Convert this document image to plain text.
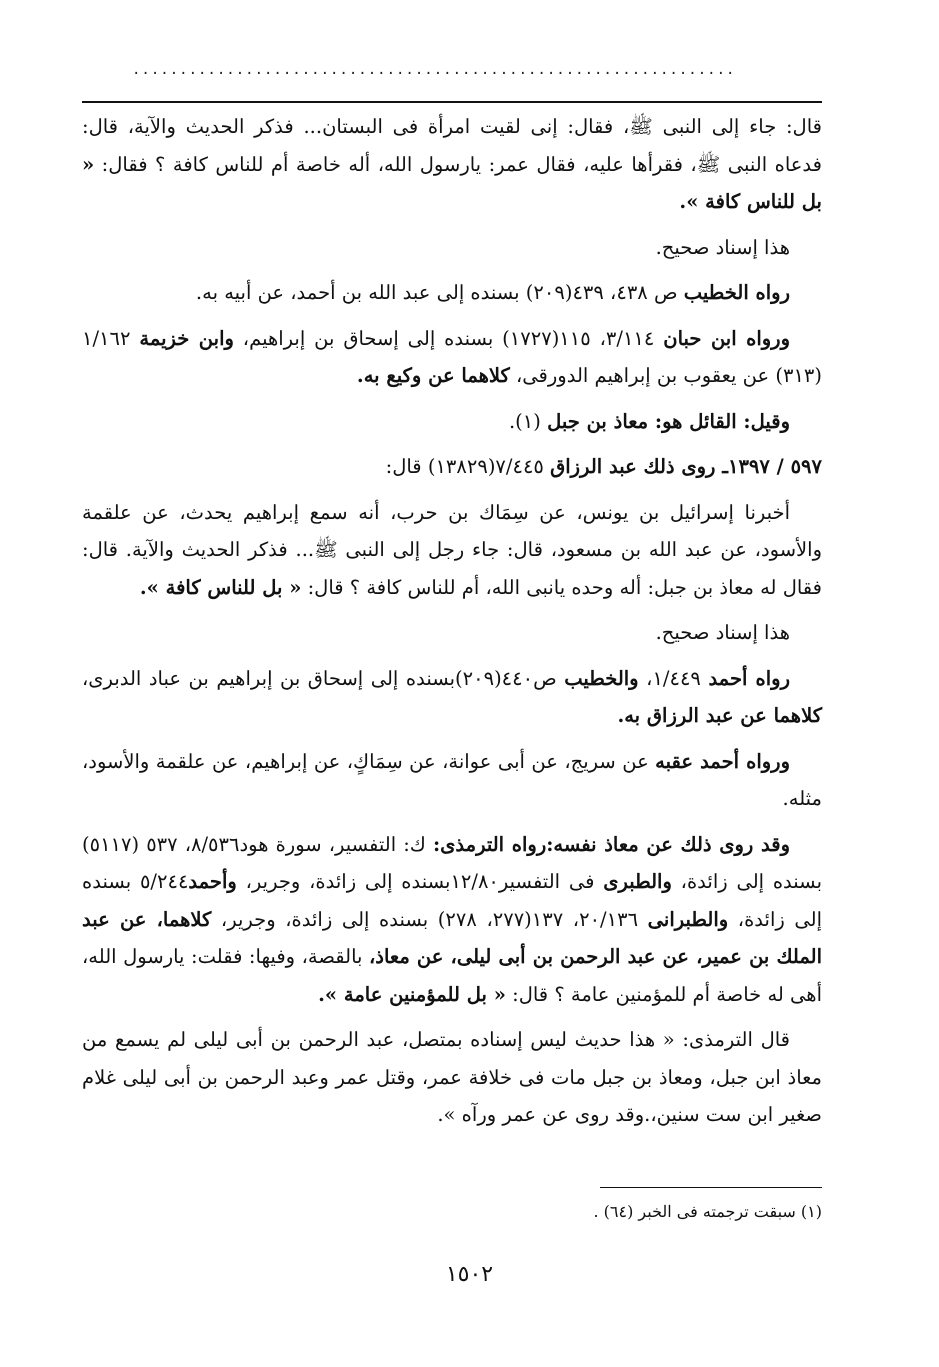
................................................................

قال: جاء إلى النبى ﷺ، فقال: إنى لقيت امرأة فى البستان... فذكر الحديث والآية، قال: فدعاه النبى ﷺ، فقرأها عليه، فقال عمر: يارسول الله، أله خاصة أم للناس كافة ؟ فقال: « بل للناس كافة ».

هذا إسناد صحيح.

رواه الخطيب ص ٤٣٨، ٤٣٩(٢٠٩) بسنده إلى عبد الله بن أحمد، عن أبيه به.

ورواه ابن حبان ٣/١١٤، ١١٥(١٧٢٧) بسنده إلى إسحاق بن إبراهيم، وابن خزيمة ١/١٦٢ (٣١٣) عن يعقوب بن إبراهيم الدورقى، كلاهما عن وكيع به.

وقيل: القائل هو: معاذ بن جبل (١).

٥٩٧ / ١٣٩٧ـ روى ذلك عبد الرزاق ٧/٤٤٥(١٣٨٢٩) قال:

أخبرنا إسرائيل بن يونس، عن سِمَاك بن حرب، أنه سمع إبراهيم يحدث، عن علقمة والأسود، عن عبد الله بن مسعود، قال: جاء رجل إلى النبى ﷺ... فذكر الحديث والآية. قال: فقال له معاذ بن جبل: أله وحده يانبى الله، أم للناس كافة ؟ قال: « بل للناس كافة ».

هذا إسناد صحيح.

رواه أحمد ١/٤٤٩، والخطيب ص٤٤٠(٢٠٩)بسنده إلى إسحاق بن إبراهيم بن عباد الدبرى، كلاهما عن عبد الرزاق به.

ورواه أحمد عقبه عن سريج، عن أبى عوانة، عن سِمَاكٍ، عن إبراهيم، عن علقمة والأسود، مثله.

وقد روى ذلك عن معاذ نفسه:رواه الترمذى: ك: التفسير، سورة هود٨/٥٣٦، ٥٣٧ (٥١١٧) بسنده إلى زائدة، والطبرى فى التفسير١٢/٨٠بسنده إلى زائدة، وجرير، وأحمد٥/٢٤٤ بسنده إلى زائدة، والطبرانى ٢٠/١٣٦، ١٣٧(٢٧٧، ٢٧٨) بسنده إلى زائدة، وجرير، كلاهما، عن عبد الملك بن عمير، عن عبد الرحمن بن أبى ليلى، عن معاذ، بالقصة، وفيها: فقلت: يارسول الله، أهى له خاصة أم للمؤمنين عامة ؟ قال: « بل للمؤمنين عامة ».

قال الترمذى: « هذا حديث ليس إسناده بمتصل، عبد الرحمن بن أبى ليلى لم يسمع من معاذ ابن جبل، ومعاذ بن جبل مات فى خلافة عمر، وقتل عمر وعبد الرحمن بن أبى ليلى غلام صغير ابن ست سنين،.وقد روى عن عمر ورآه ».

(١) سبقت ترجمته فى الخبر (٦٤) .
١٥٠٢
